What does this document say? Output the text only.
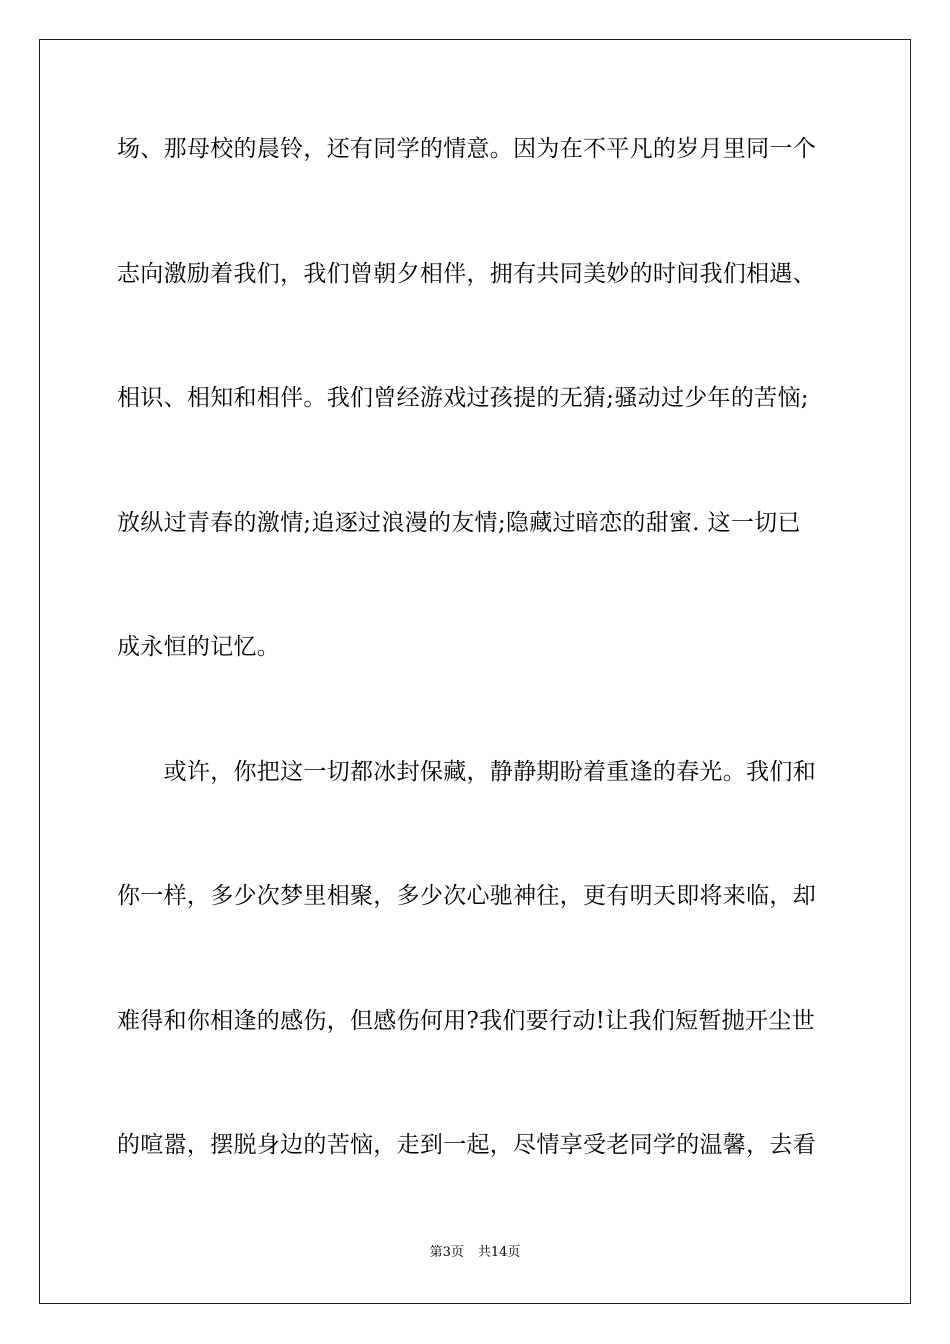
场、那母校的晨铃，还有同学的情意。因为在不平凡的岁月里同一个
志向激励着我们，我们曾朝夕相伴，拥有共同美妙的时间我们相遇、
相识、相知和相伴。我们曾经游戏过孩提的无猜;骚动过少年的苦恼;
放纵过青春的激情;追逐过浪漫的友情;隐藏过暗恋的甜蜜. 这一切已
成永恒的记忆。
　　或许，你把这一切都冰封保藏，静静期盼着重逢的春光。我们和
你一样，多少次梦里相聚，多少次心驰神往，更有明天即将来临，却
难得和你相逢的感伤，但感伤何用?我们要行动!让我们短暂抛开尘世
的喧嚣，摆脱身边的苦恼，走到一起，尽情享受老同学的温馨，去看
第3页 共14页
